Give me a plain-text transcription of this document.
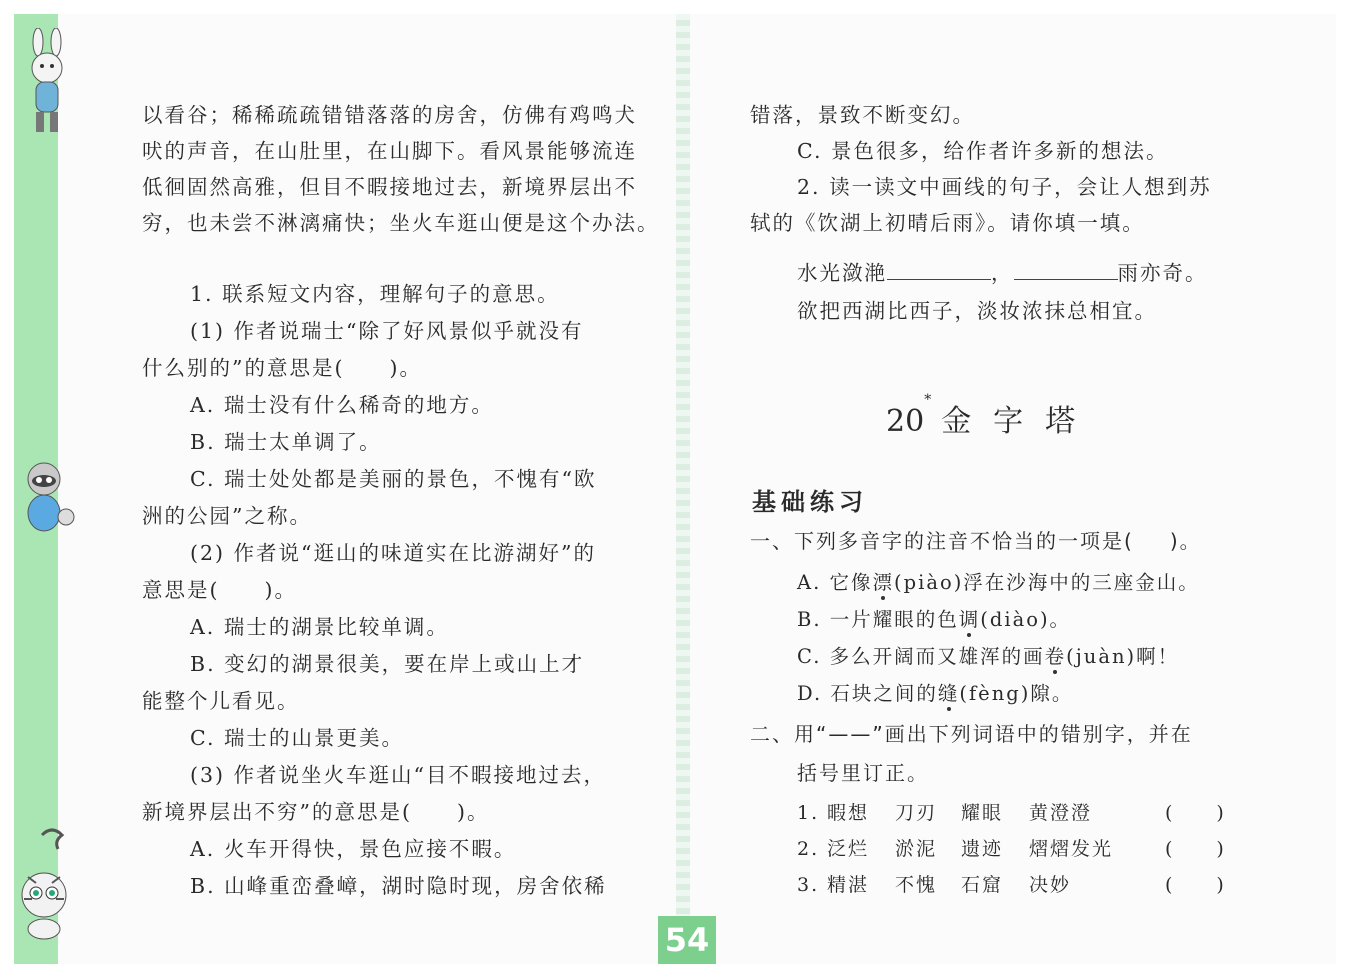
以看谷；稀稀疏疏错错落落的房舍，仿佛有鸡鸣犬
吠的声音，在山肚里，在山脚下。看风景能够流连
低徊固然高雅，但目不暇接地过去，新境界层出不
穷，也未尝不淋漓痛快；坐火车逛山便是这个办法。
1. 联系短文内容，理解句子的意思。
(1) 作者说瑞士“除了好风景似乎就没有
什么别的”的意思是(　　)。
A. 瑞士没有什么稀奇的地方。
B. 瑞士太单调了。
C. 瑞士处处都是美丽的景色，不愧有“欧
洲的公园”之称。
(2) 作者说“逛山的味道实在比游湖好”的
意思是(　　)。
A. 瑞士的湖景比较单调。
B. 变幻的湖景很美，要在岸上或山上才
能整个儿看见。
C. 瑞士的山景更美。
(3) 作者说坐火车逛山“目不暇接地过去，
新境界层出不穷”的意思是(　　)。
A. 火车开得快，景色应接不暇。
B. 山峰重峦叠嶂，湖时隐时现，房舍依稀
错落，景致不断变幻。
C. 景色很多，给作者许多新的想法。
2. 读一读文中画线的句子，会让人想到苏
轼的《饮湖上初晴后雨》。请你填一填。
水光潋滟	，	雨亦奇。
欲把西湖比西子，淡妆浓抹总相宜。
20*金字塔
基础练习
一、下列多音字的注音不恰当的一项是( )。
A. 它像漂(piào)浮在沙海中的三座金山。
B. 一片耀眼的色调(diào)。
C. 多么开阔而又雄浑的画卷(juàn)啊！
D. 石块之间的缝(fèng)隙。
二、用“——”画出下列词语中的错别字，并在
括号里订正。
1. 暇想 刀刃 耀眼 黄澄澄	(　　)
2. 泛烂 淤泥 遗迹 熠熠发光	(　　)
3. 精湛 不愧 石窟 决妙	(　　)
54
